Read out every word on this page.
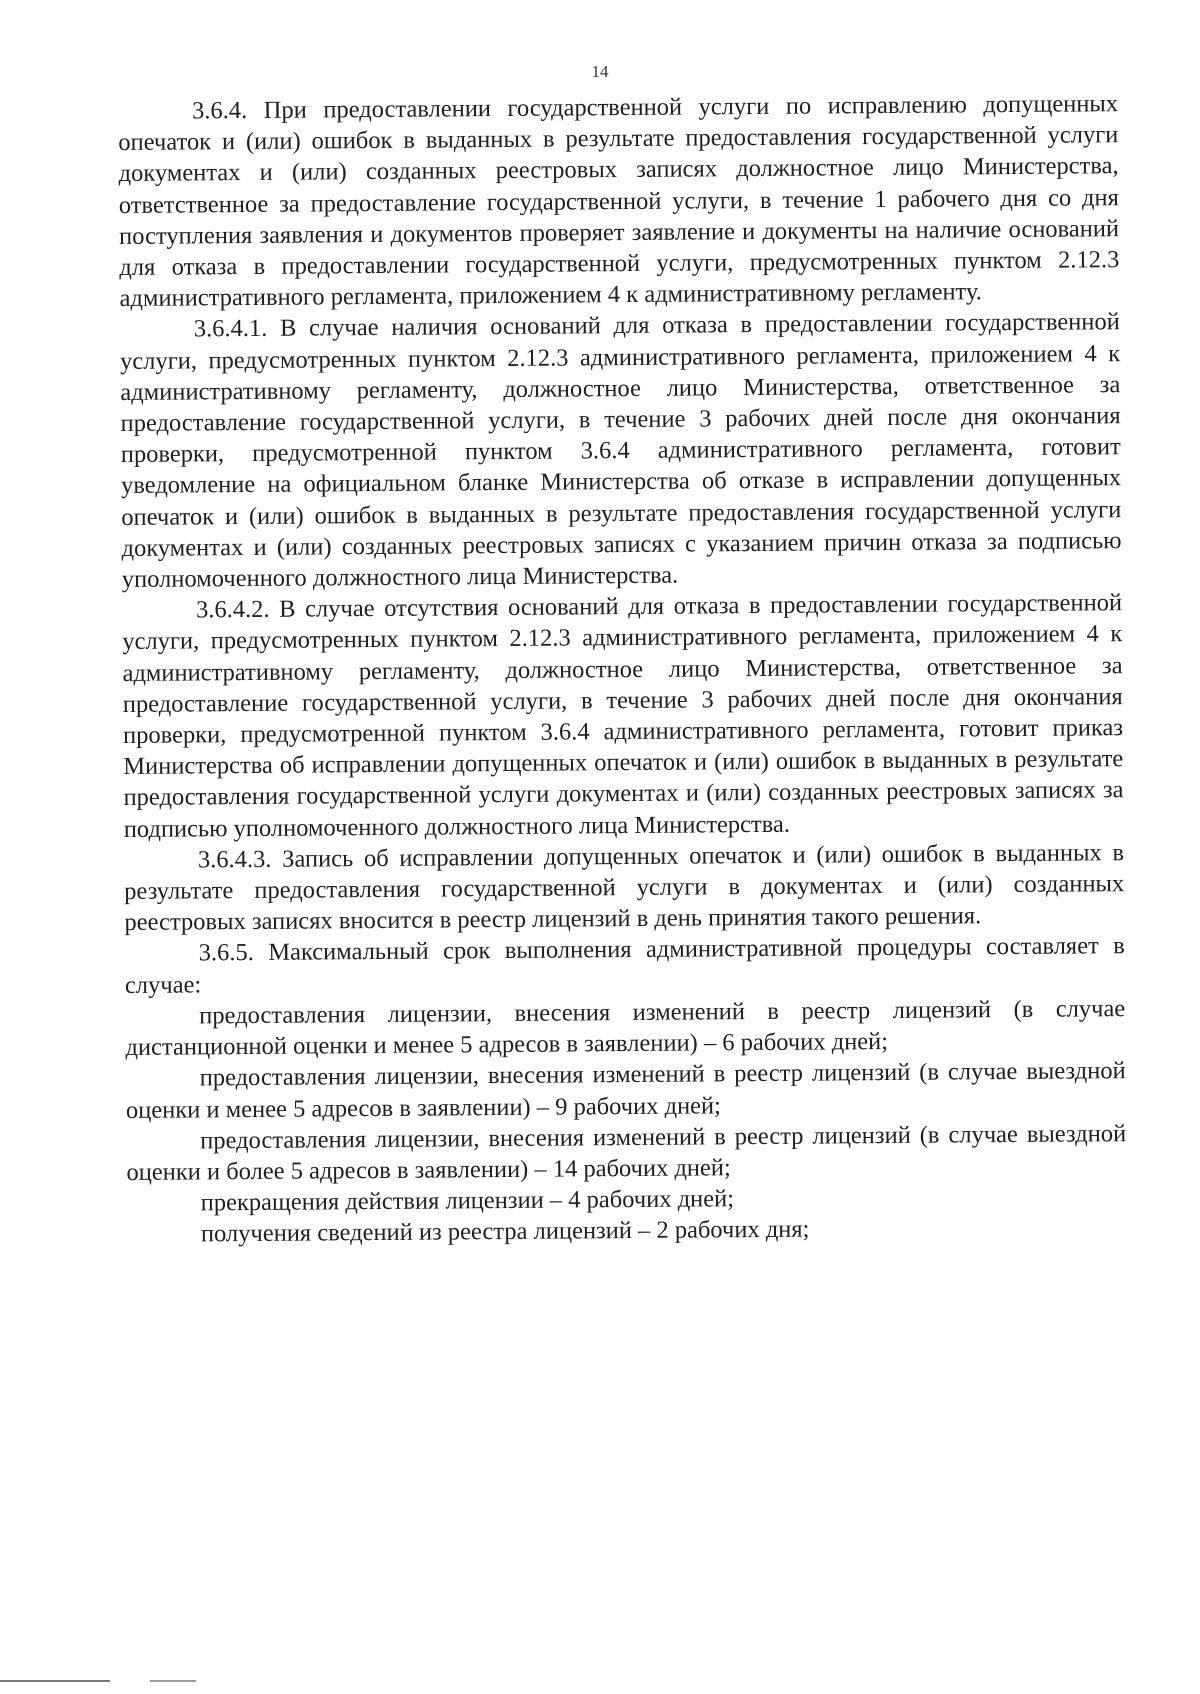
14

3.6.4. При предоставлении государственной услуги по исправлению допущенных опечаток и (или) ошибок в выданных в результате предоставления государственной услуги документах и (или) созданных реестровых записях должностное лицо Министерства, ответственное за предоставление государственной услуги, в течение 1 рабочего дня со дня поступления заявления и документов проверяет заявление и документы на наличие оснований для отказа в предоставлении государственной услуги, предусмотренных пунктом 2.12.3 административного регламента, приложением 4 к административному регламенту.

3.6.4.1. В случае наличия оснований для отказа в предоставлении государственной услуги, предусмотренных пунктом 2.12.3 административного регламента, приложением 4 к административному регламенту, должностное лицо Министерства, ответственное за предоставление государственной услуги, в течение 3 рабочих дней после дня окончания проверки, предусмотренной пунктом 3.6.4 административного регламента, готовит уведомление на официальном бланке Министерства об отказе в исправлении допущенных опечаток и (или) ошибок в выданных в результате предоставления государственной услуги документах и (или) созданных реестровых записях с указанием причин отказа за подписью уполномоченного должностного лица Министерства.

3.6.4.2. В случае отсутствия оснований для отказа в предоставлении государственной услуги, предусмотренных пунктом 2.12.3 административного регламента, приложением 4 к административному регламенту, должностное лицо Министерства, ответственное за предоставление государственной услуги, в течение 3 рабочих дней после дня окончания проверки, предусмотренной пунктом 3.6.4 административного регламента, готовит приказ Министерства об исправлении допущенных опечаток и (или) ошибок в выданных в результате предоставления государственной услуги документах и (или) созданных реестровых записях за подписью уполномоченного должностного лица Министерства.

3.6.4.3. Запись об исправлении допущенных опечаток и (или) ошибок в выданных в результате предоставления государственной услуги в документах и (или) созданных реестровых записях вносится в реестр лицензий в день принятия такого решения.

3.6.5. Максимальный срок выполнения административной процедуры составляет в случае:

предоставления лицензии, внесения изменений в реестр лицензий (в случае дистанционной оценки и менее 5 адресов в заявлении) – 6 рабочих дней;

предоставления лицензии, внесения изменений в реестр лицензий (в случае выездной оценки и менее 5 адресов в заявлении) – 9 рабочих дней;

предоставления лицензии, внесения изменений в реестр лицензий (в случае выездной оценки и более 5 адресов в заявлении) – 14 рабочих дней;

прекращения действия лицензии – 4 рабочих дней;

получения сведений из реестра лицензий – 2 рабочих дня;
